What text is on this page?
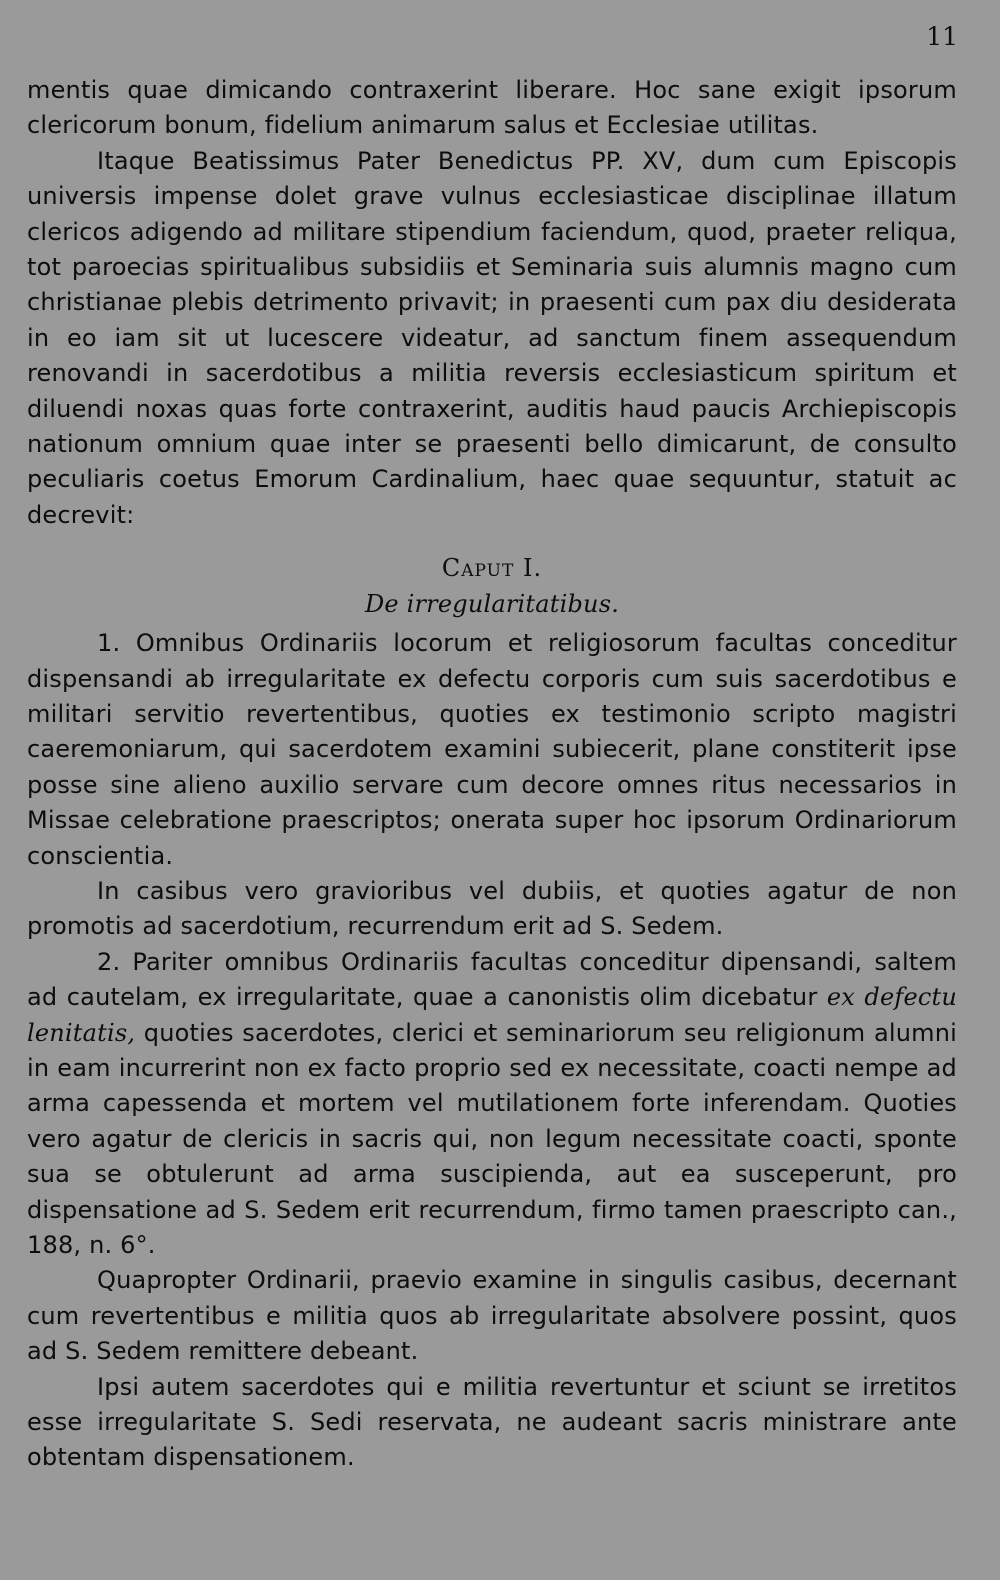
11

mentis quae dimicando contraxerint liberare. Hoc sane exigit ipsorum clericorum bonum, fidelium animarum salus et Ecclesiae utilitas.

Itaque Beatissimus Pater Benedictus PP. XV, dum cum Episcopis universis impense dolet grave vulnus ecclesiasticae disciplinae illatum clericos adigendo ad militare stipendium faciendum, quod, praeter reliqua, tot paroecias spiritualibus subsidiis et Seminaria suis alumnis magno cum christianae plebis detrimento privavit; in praesenti cum pax diu desiderata in eo iam sit ut lucescere videatur, ad sanctum finem assequendum renovandi in sacerdotibus a militia reversis ecclesiasticum spiritum et diluendi noxas quas forte contraxerint, auditis haud paucis Archiepiscopis nationum omnium quae inter se praesenti bello dimicarunt, de consulto peculiaris coetus Emorum Cardinalium, haec quae sequuntur, statuit ac decrevit:

Caput I.

De irregularitatibus.

1. Omnibus Ordinariis locorum et religiosorum facultas conceditur dispensandi ab irregularitate ex defectu corporis cum suis sacerdotibus e militari servitio revertentibus, quoties ex testimonio scripto magistri caeremoniarum, qui sacerdotem examini subiecerit, plane constiterit ipse posse sine alieno auxilio servare cum decore omnes ritus necessarios in Missae celebratione praescriptos; onerata super hoc ipsorum Ordinariorum conscientia.

In casibus vero gravioribus vel dubiis, et quoties agatur de non promotis ad sacerdotium, recurrendum erit ad S. Sedem.

2. Pariter omnibus Ordinariis facultas conceditur dipensandi, saltem ad cautelam, ex irregularitate, quae a canonistis olim dicebatur ex defectu lenitatis, quoties sacerdotes, clerici et seminariorum seu religionum alumni in eam incurrerint non ex facto proprio sed ex necessitate, coacti nempe ad arma capessenda et mortem vel mutilationem forte inferendam. Quoties vero agatur de clericis in sacris qui, non legum necessitate coacti, sponte sua se obtulerunt ad arma suscipienda, aut ea susceperunt, pro dispensatione ad S. Sedem erit recurrendum, firmo tamen praescripto can., 188, n. 6°.

Quapropter Ordinarii, praevio examine in singulis casibus, decernant cum revertentibus e militia quos ab irregularitate absolvere possint, quos ad S. Sedem remittere debeant.

Ipsi autem sacerdotes qui e militia revertuntur et sciunt se irretitos esse irregularitate S. Sedi reservata, ne audeant sacris ministrare ante obtentam dispensationem.
